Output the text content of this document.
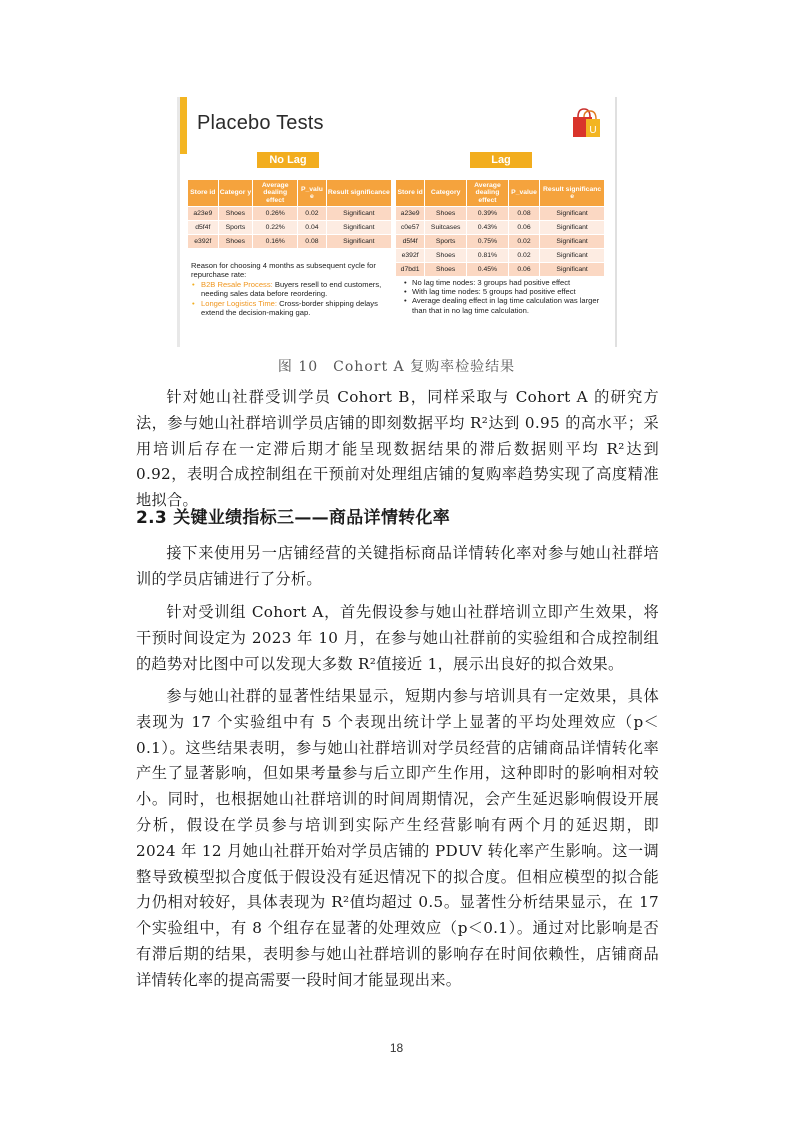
Placebo Tests	U
No Lag	Lag
Store id	Categor y	Average dealing effect	P_valu e	Result significance
a23e9	Shoes	0.26%	0.02	Significant
d5f4f	Sports	0.22%	0.04	Significant
e392f	Shoes	0.16%	0.08	Significant
Store id	Category	Average dealing effect	P_value	Result significanc e
a23e9	Shoes	0.39%	0.08	Significant
c0e57	Suitcases	0.43%	0.06	Significant
d5f4f	Sports	0.75%	0.02	Significant
e392f	Shoes	0.81%	0.02	Significant
d7bd1	Shoes	0.45%	0.06	Significant
Reason for choosing 4 months as subsequent cycle for repurchase rate:
• B2B Resale Process: Buyers resell to end customers, needing sales data before reordering.
• Longer Logistics Time: Cross-border shipping delays extend the decision-making gap.
• No lag time nodes: 3 groups had positive effect
• With lag time nodes: 5 groups had positive effect
• Average dealing effect in lag time calculation was larger than that in no lag time calculation.
图 10　Cohort A 复购率检验结果
针对她山社群受训学员 Cohort B，同样采取与 Cohort A 的研究方法，参与她山社群培训学员店铺的即刻数据平均 R²达到 0.95 的高水平；采用培训后存在一定滞后期才能呈现数据结果的滞后数据则平均 R²达到 0.92，表明合成控制组在干预前对处理组店铺的复购率趋势实现了高度精准地拟合。
2.3 关键业绩指标三——商品详情转化率
接下来使用另一店铺经营的关键指标商品详情转化率对参与她山社群培训的学员店铺进行了分析。
针对受训组 Cohort A，首先假设参与她山社群培训立即产生效果，将干预时间设定为 2023 年 10 月，在参与她山社群前的实验组和合成控制组的趋势对比图中可以发现大多数 R²值接近 1，展示出良好的拟合效果。
参与她山社群的显著性结果显示，短期内参与培训具有一定效果，具体表现为 17 个实验组中有 5 个表现出统计学上显著的平均处理效应（p＜0.1）。这些结果表明，参与她山社群培训对学员经营的店铺商品详情转化率产生了显著影响，但如果考量参与后立即产生作用，这种即时的影响相对较小。同时，也根据她山社群培训的时间周期情况，会产生延迟影响假设开展分析，假设在学员参与培训到实际产生经营影响有两个月的延迟期，即 2024 年 12 月她山社群开始对学员店铺的 PDUV 转化率产生影响。这一调整导致模型拟合度低于假设没有延迟情况下的拟合度。但相应模型的拟合能力仍相对较好，具体表现为 R²值均超过 0.5。显著性分析结果显示，在 17 个实验组中，有 8 个组存在显著的处理效应（p＜0.1）。通过对比影响是否有滞后期的结果，表明参与她山社群培训的影响存在时间依赖性，店铺商品详情转化率的提高需要一段时间才能显现出来。
18
